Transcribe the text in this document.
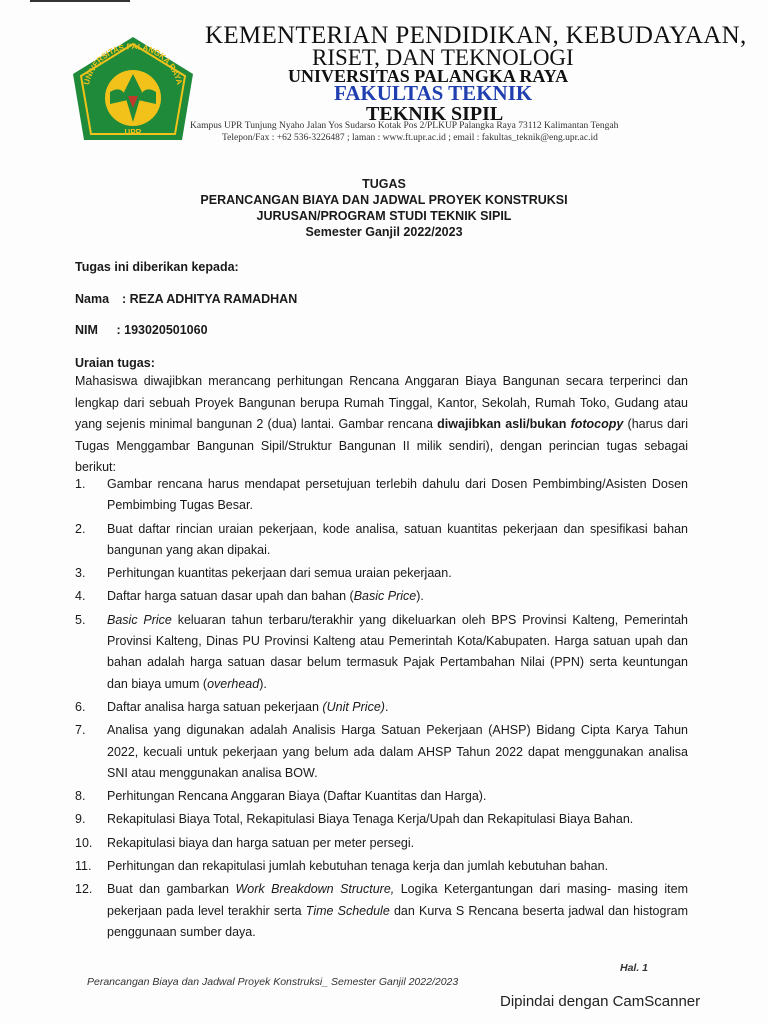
UNIVERSITAS PALANGKA RAYA
UPR
KEMENTERIAN PENDIDIKAN, KEBUDAYAAN,
RISET, DAN TEKNOLOGI
UNIVERSITAS PALANGKA RAYA
FAKULTAS TEKNIK
TEKNIK SIPIL
Kampus UPR Tunjung Nyaho Jalan Yos Sudarso Kotak Pos 2/PLKUP Palangka Raya 73112 Kalimantan Tengah
Telepon/Fax : +62 536-3226487 ; laman : www.ft.upr.ac.id ; email : fakultas_teknik@eng.upr.ac.id
TUGAS
PERANCANGAN BIAYA DAN JADWAL PROYEK KONSTRUKSI
JURUSAN/PROGRAM STUDI TEKNIK SIPIL
Semester Ganjil 2022/2023
Tugas ini diberikan kepada:
Nama : REZA ADHITYA RAMADHAN
NIM : 193020501060
Uraian tugas:

Mahasiswa diwajibkan merancang perhitungan Rencana Anggaran Biaya Bangunan secara terperinci dan lengkap dari sebuah Proyek Bangunan berupa Rumah Tinggal, Kantor, Sekolah, Rumah Toko, Gudang atau yang sejenis minimal bangunan 2 (dua) lantai. Gambar rencana diwajibkan asli/bukan fotocopy (harus dari Tugas Menggambar Bangunan Sipil/Struktur Bangunan II milik sendiri), dengan perincian tugas sebagai berikut:

1. Gambar rencana harus mendapat persetujuan terlebih dahulu dari Dosen Pembimbing/Asisten Dosen Pembimbing Tugas Besar.
2. Buat daftar rincian uraian pekerjaan, kode analisa, satuan kuantitas pekerjaan dan spesifikasi bahan bangunan yang akan dipakai.
3. Perhitungan kuantitas pekerjaan dari semua uraian pekerjaan.
4. Daftar harga satuan dasar upah dan bahan (Basic Price).
5. Basic Price keluaran tahun terbaru/terakhir yang dikeluarkan oleh BPS Provinsi Kalteng, Pemerintah Provinsi Kalteng, Dinas PU Provinsi Kalteng atau Pemerintah Kota/Kabupaten. Harga satuan upah dan bahan adalah harga satuan dasar belum termasuk Pajak Pertambahan Nilai (PPN) serta keuntungan dan biaya umum (overhead).
6. Daftar analisa harga satuan pekerjaan (Unit Price).
7. Analisa yang digunakan adalah Analisis Harga Satuan Pekerjaan (AHSP) Bidang Cipta Karya Tahun 2022, kecuali untuk pekerjaan yang belum ada dalam AHSP Tahun 2022 dapat menggunakan analisa SNI atau menggunakan analisa BOW.
8. Perhitungan Rencana Anggaran Biaya (Daftar Kuantitas dan Harga).
9. Rekapitulasi Biaya Total, Rekapitulasi Biaya Tenaga Kerja/Upah dan Rekapitulasi Biaya Bahan.
10. Rekapitulasi biaya dan harga satuan per meter persegi.
11. Perhitungan dan rekapitulasi jumlah kebutuhan tenaga kerja dan jumlah kebutuhan bahan.
12. Buat dan gambarkan Work Breakdown Structure, Logika Ketergantungan dari masing- masing item pekerjaan pada level terakhir serta Time Schedule dan Kurva S Rencana beserta jadwal dan histogram penggunaan sumber daya.
Hal. 1
Perancangan Biaya dan Jadwal Proyek Konstruksi_ Semester Ganjil 2022/2023
Dipindai dengan CamScanner
